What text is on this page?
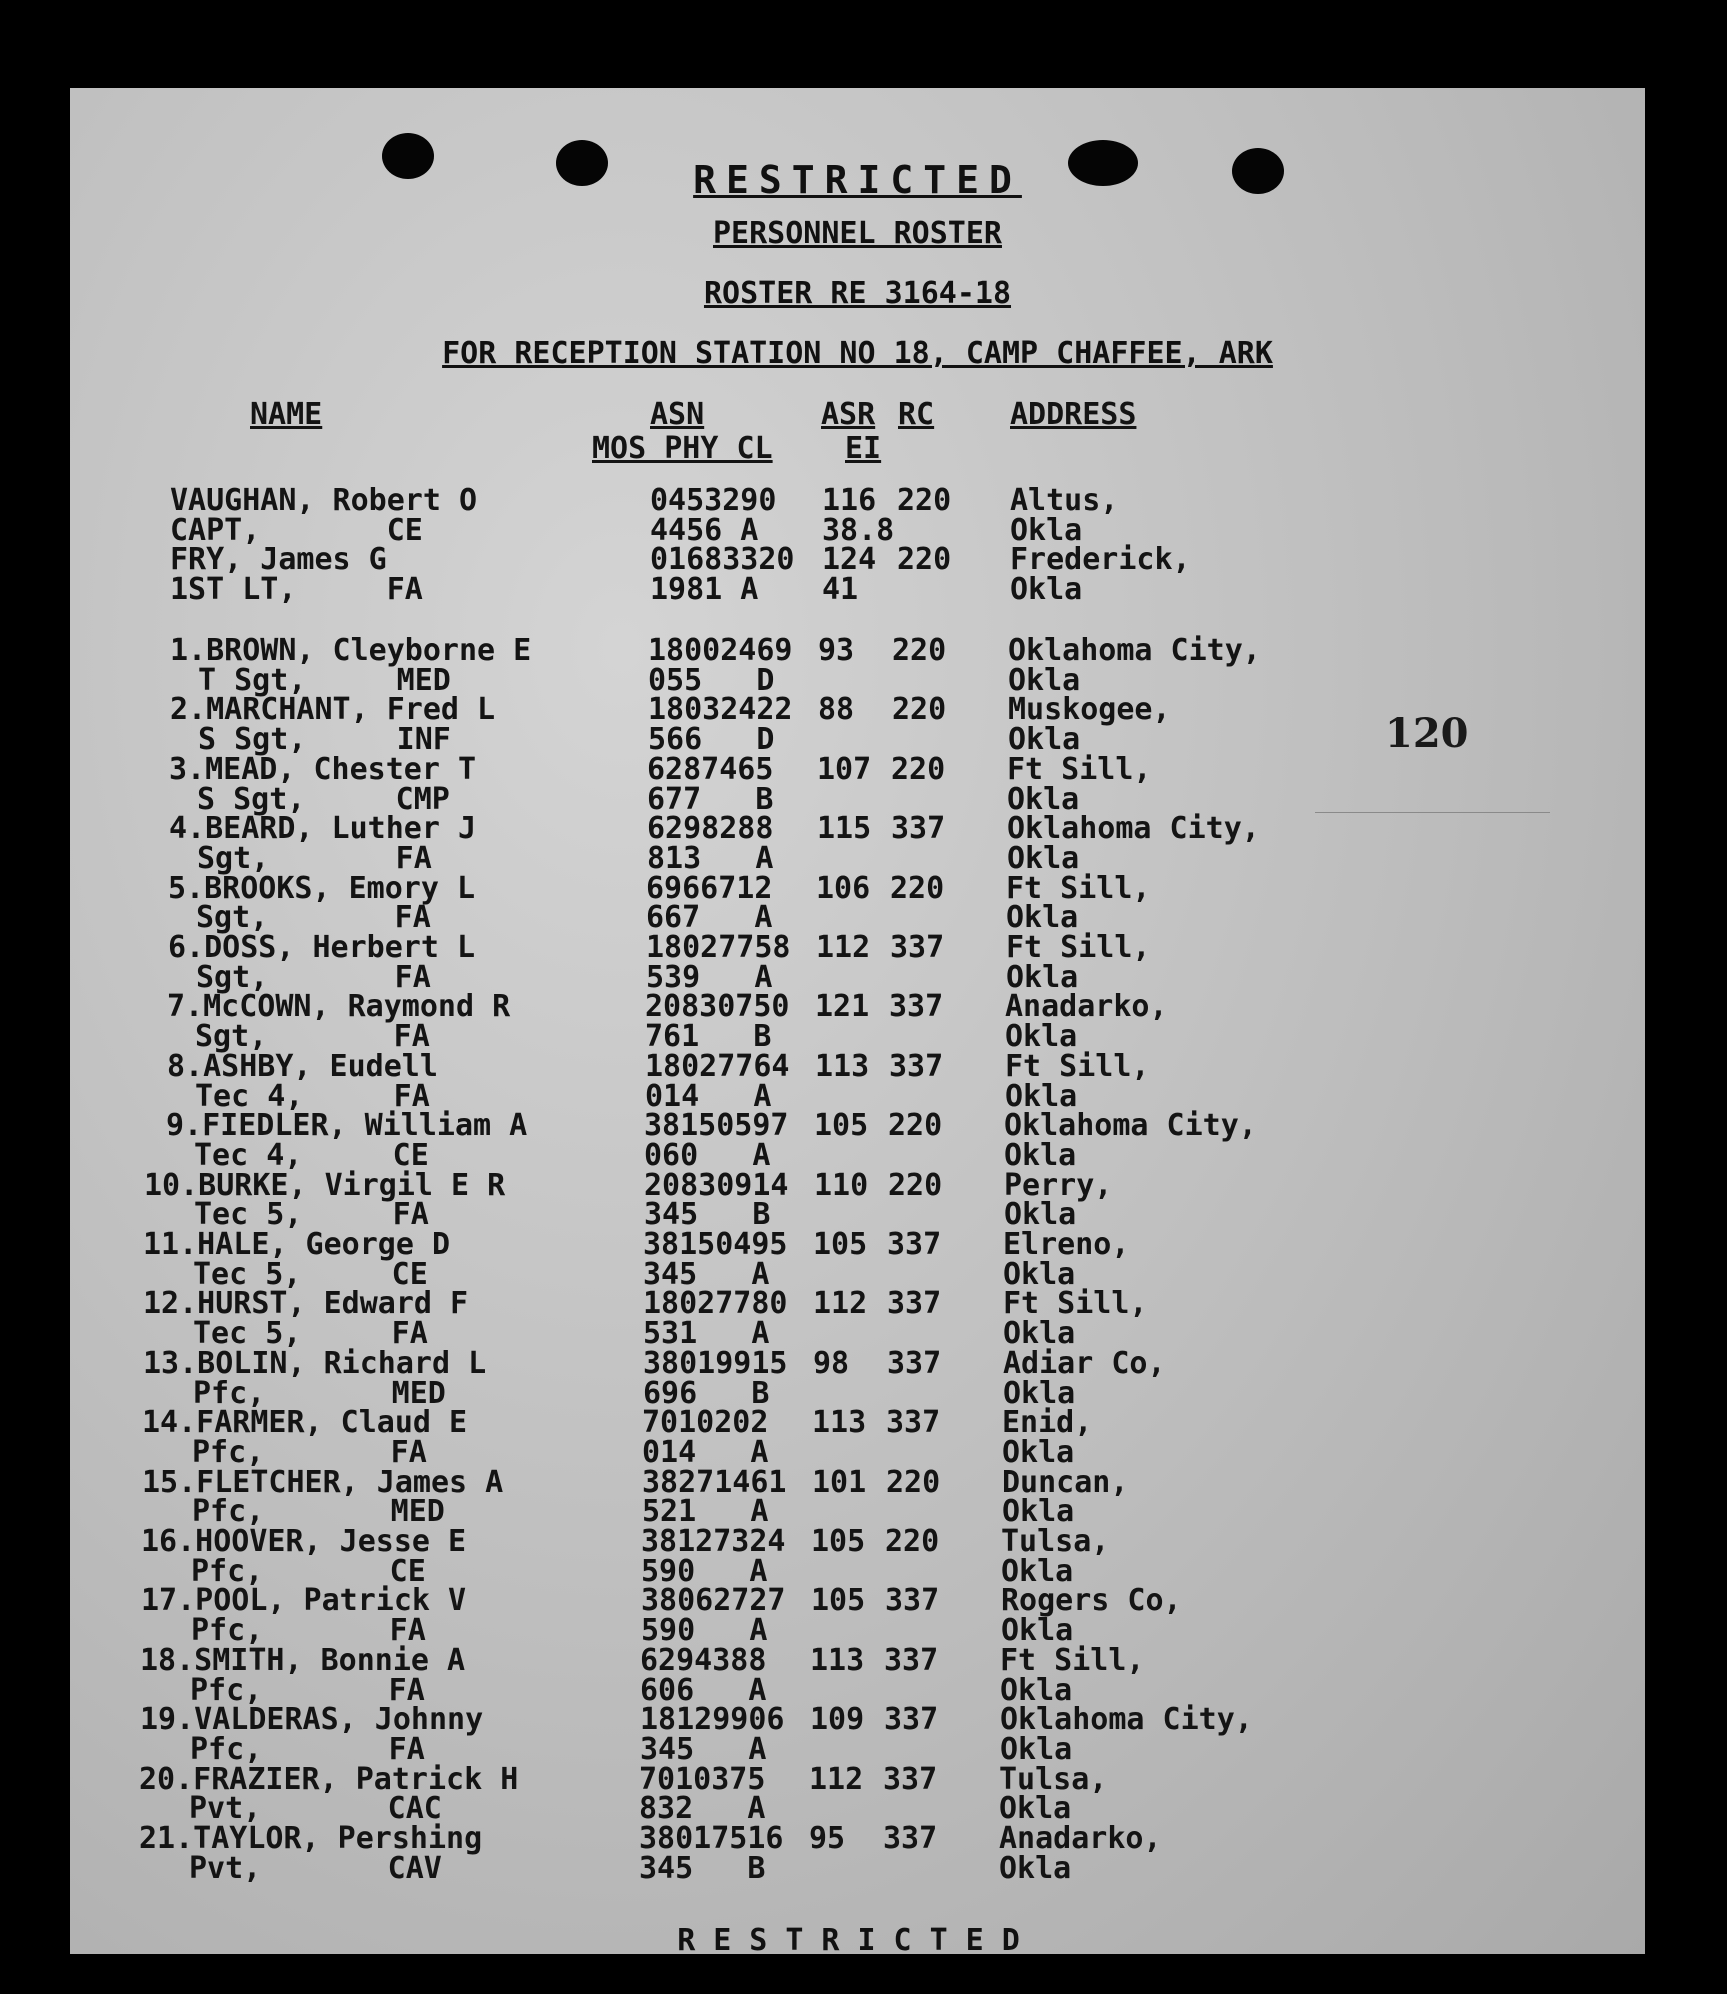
RESTRICTED
PERSONNEL ROSTER
ROSTER RE 3164-18
FOR RECEPTION STATION NO 18, CAMP CHAFFEE, ARK
NAME	ASN
MOS PHY CL
ASR
EI
RC	ADDRESS
VAUGHAN, Robert O
CAPT,       CE
0453290
4456 A
116
38.8
220 Altus,
Okla
FRY, James G
1ST LT,     FA
01683320
1981 A
124
41
220 Frederick,
Okla
1.BROWN, Cleyborne E
T Sgt,     MED
18002469
055   D
93 220 Oklahoma City,
Okla
2.MARCHANT, Fred L
S Sgt,     INF
18032422
566   D
88 220 Muskogee,
Okla
3.MEAD, Chester T
S Sgt,     CMP
6287465
677   B
107 220 Ft Sill,
Okla
4.BEARD, Luther J
Sgt,       FA
6298288
813   A
115 337 Oklahoma City,
Okla
5.BROOKS, Emory L
Sgt,       FA
6966712
667   A
106 220 Ft Sill,
Okla
6.DOSS, Herbert L
Sgt,       FA
18027758
539   A
112 337 Ft Sill,
Okla
7.McCOWN, Raymond R
Sgt,       FA
20830750
761   B
121 337 Anadarko,
Okla
8.ASHBY, Eudell
Tec 4,     FA
18027764
014   A
113 337 Ft Sill,
Okla
9.FIEDLER, William A
Tec 4,     CE
38150597
060   A
105 220 Oklahoma City,
Okla
10.BURKE, Virgil E R
Tec 5,     FA
20830914
345   B
110 220 Perry,
Okla
11.HALE, George D
Tec 5,     CE
38150495
345   A
105 337 Elreno,
Okla
12.HURST, Edward F
Tec 5,     FA
18027780
531   A
112 337 Ft Sill,
Okla
13.BOLIN, Richard L
Pfc,       MED
38019915
696   B
98 337 Adiar Co,
Okla
14.FARMER, Claud E
Pfc,       FA
7010202
014   A
113 337 Enid,
Okla
15.FLETCHER, James A
Pfc,       MED
38271461
521   A
101 220 Duncan,
Okla
16.HOOVER, Jesse E
Pfc,       CE
38127324
590   A
105 220 Tulsa,
Okla
17.POOL, Patrick V
Pfc,       FA
38062727
590   A
105 337 Rogers Co,
Okla
18.SMITH, Bonnie A
Pfc,       FA
6294388
606   A
113 337 Ft Sill,
Okla
19.VALDERAS, Johnny
Pfc,       FA
18129906
345   A
109 337 Oklahoma City,
Okla
20.FRAZIER, Patrick H
Pvt,       CAC
7010375
832   A
112 337 Tulsa,
Okla
21.TAYLOR, Pershing
Pvt,       CAV
38017516
345   B
95 337 Anadarko,
Okla
120
RESTRICTED
